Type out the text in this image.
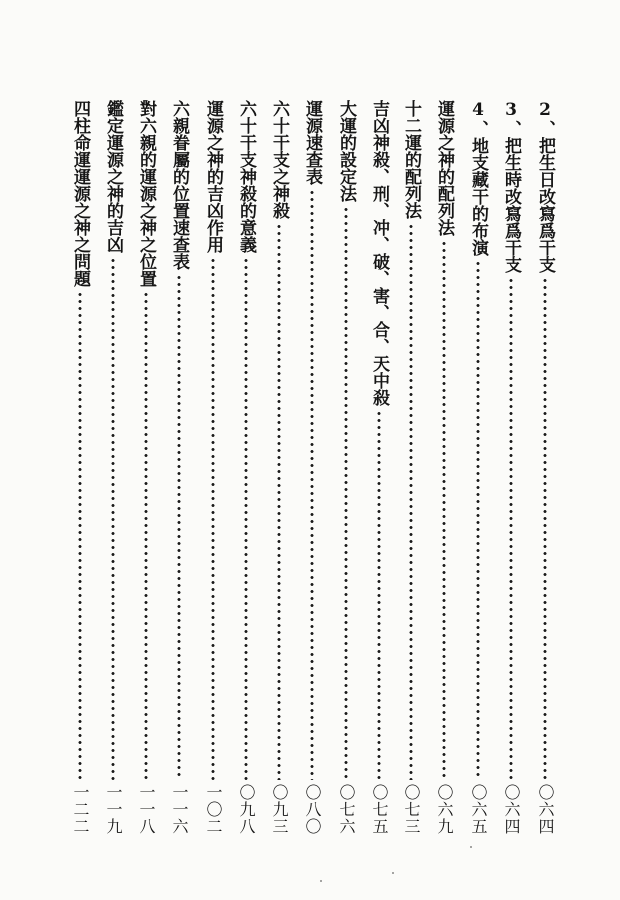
2、把生日改寫爲干支
〇六四
3、把生時改寫爲干支
〇六四
4、地支藏干的布演
〇六五
運源之神的配列法
〇六九
十二運的配列法
〇七三
吉凶神殺、刑、冲、破、害、合、天中殺
〇七五
大運的設定法
〇七六
運源速查表
〇八〇
六十干支之神殺
〇九三
六十干支神殺的意義
〇九八
運源之神的吉凶作用
一〇二
六親眷屬的位置速查表
一一六
對六親的運源之神之位置
一一八
鑑定運源之神的吉凶
一一九
四柱命運運源之神之問題
一二二
